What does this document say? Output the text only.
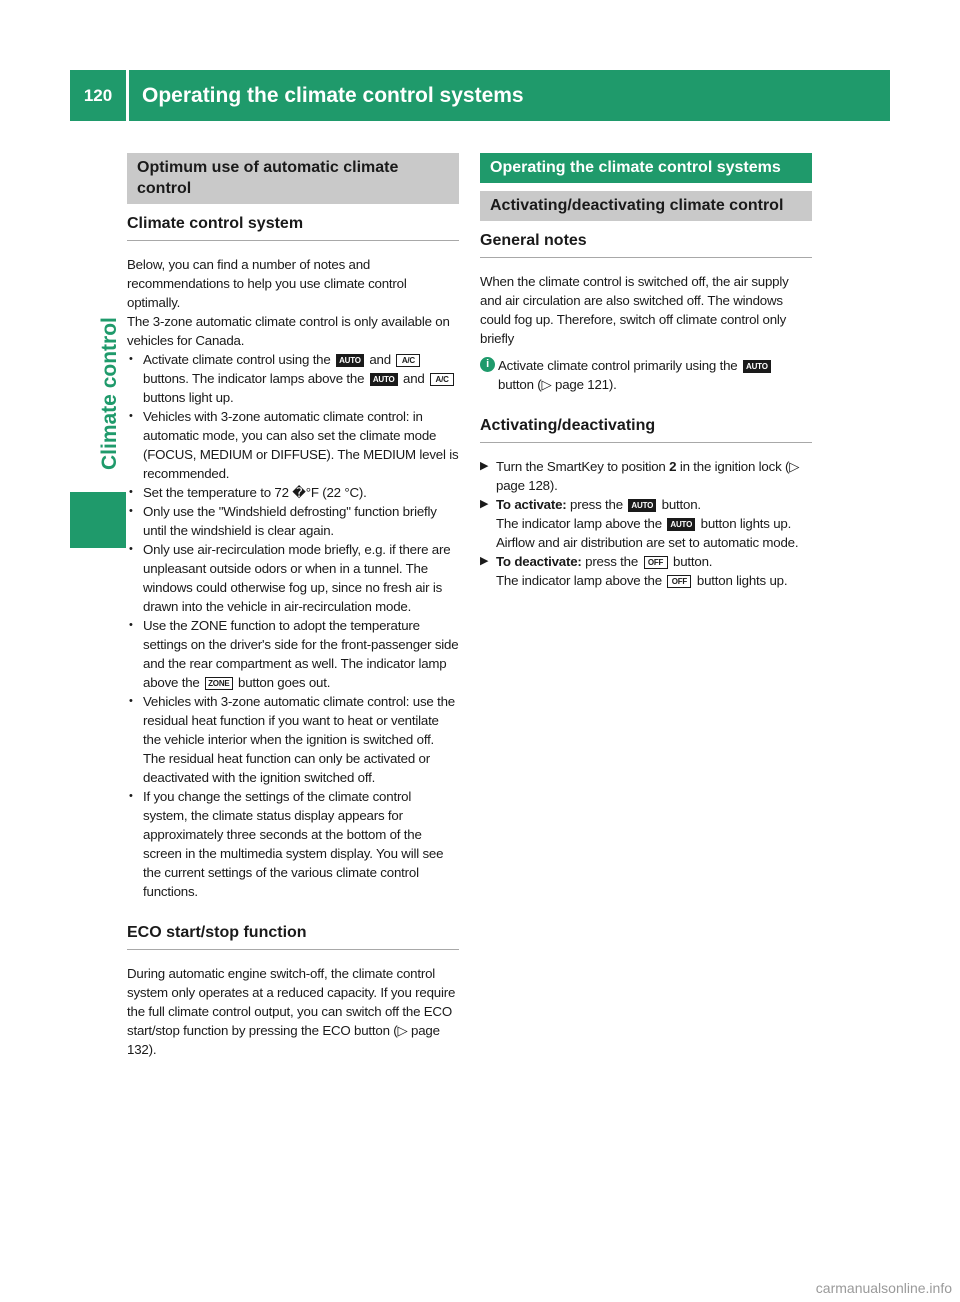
120	Operating the climate control systems
Climate control
Optimum use of automatic climate control
Climate control system

Below, you can find a number of notes and recommendations to help you use climate control optimally.

The 3-zone automatic climate control is only available on vehicles for Canada.

• Activate climate control using the AUTO and A/C buttons. The indicator lamps above the AUTO and A/C buttons light up.
• Vehicles with 3-zone automatic climate control: in automatic mode, you can also set the climate mode (FOCUS, MEDIUM or DIFFUSE). The MEDIUM level is recommended.
• Set the temperature to 72 �°F (22 ‌°C).
• Only use the "Windshield defrosting" function briefly until the windshield is clear again.
• Only use air-recirculation mode briefly, e.g. if there are unpleasant outside odors or when in a tunnel. The windows could otherwise fog up, since no fresh air is drawn into the vehicle in air-recirculation mode.
• Use the ZONE function to adopt the temperature settings on the driver's side for the front-passenger side and the rear compartment as well. The indicator lamp above the ZONE button goes out.
• Vehicles with 3-zone automatic climate control: use the residual heat function if you want to heat or ventilate the vehicle interior when the ignition is switched off. The residual heat function can only be activated or deactivated with the ignition switched off.
• If you change the settings of the climate control system, the climate status display appears for approximately three seconds at the bottom of the screen in the multimedia system display. You will see the current settings of the various climate control functions.
ECO start/stop function

During automatic engine switch-off, the climate control system only operates at a reduced capacity. If you require the full climate control output, you can switch off the ECO start/stop function by pressing the ECO button (▷ page 132).

Operating the climate control systems
Activating/deactivating climate control
General notes

When the climate control is switched off, the air supply and air circulation are also switched off. The windows could fog up. Therefore, switch off climate control only briefly

i Activate climate control primarily using the AUTO button (▷ page 121).
Activating/deactivating
▶ Turn the SmartKey to position 2 in the ignition lock (▷ page 128).
▶ To activate: press the AUTO button.
The indicator lamp above the AUTO button lights up. Airflow and air distribution are set to automatic mode.
▶ To deactivate: press the OFF button.
The indicator lamp above the OFF button lights up.
carmanualsonline.info
